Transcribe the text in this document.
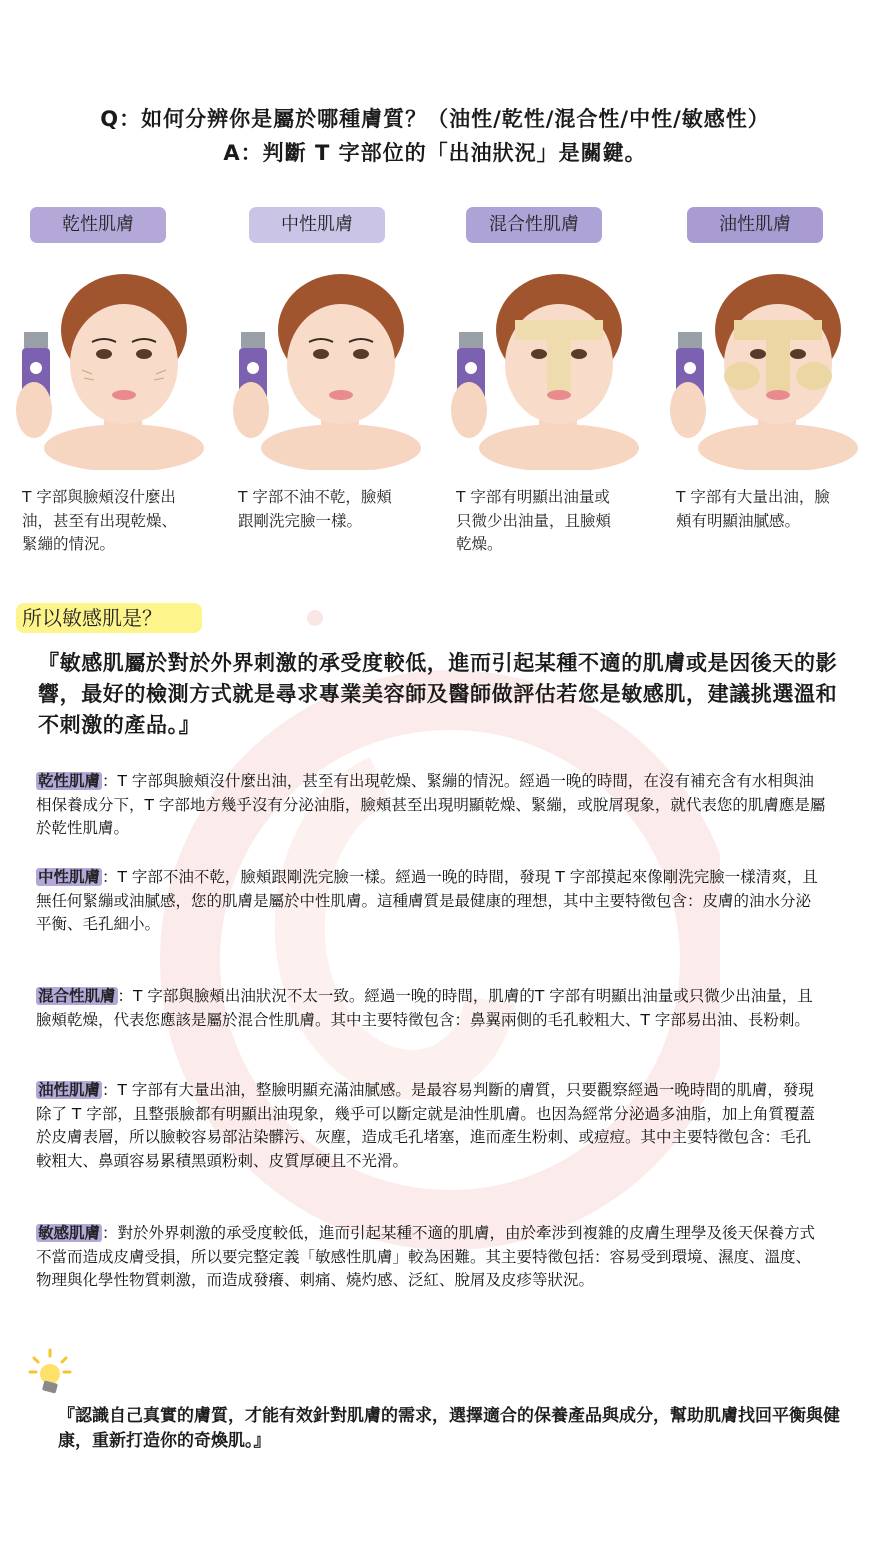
Q：如何分辨你是屬於哪種膚質？（油性/乾性/混合性/中性/敏感性）
A：判斷 T 字部位的「出油狀況」是關鍵。
乾性肌膚	中性肌膚	混合性肌膚	油性肌膚
T 字部與臉頰沒什麼出油，甚至有出現乾燥、緊繃的情況。
T 字部不油不乾，臉頰跟剛洗完臉一樣。
T 字部有明顯出油量或只微少出油量，且臉頰乾燥。
T 字部有大量出油，臉頰有明顯油膩感。
所以敏感肌是？
『敏感肌屬於對於外界刺激的承受度較低，進而引起某種不適的肌膚或是因後天的影響，最好的檢測方式就是尋求專業美容師及醫師做評估若您是敏感肌，建議挑選溫和不刺激的產品。』
乾性肌膚 ：T 字部與臉頰沒什麼出油，甚至有出現乾燥、緊繃的情況。經過一晚的時間，在沒有補充含有水相與油相保養成分下，T 字部地方幾乎沒有分泌油脂，臉頰甚至出現明顯乾燥、緊繃，或脫屑現象，就代表您的肌膚應是屬於乾性肌膚。
中性肌膚 ：T 字部不油不乾，臉頰跟剛洗完臉一樣。經過一晚的時間，發現 T 字部摸起來像剛洗完臉一樣清爽，且無任何緊繃或油膩感，您的肌膚是屬於中性肌膚。這種膚質是最健康的理想，其中主要特徵包含：皮膚的油水分泌平衡、毛孔細小。
混合性肌膚 ：T 字部與臉頰出油狀況不太一致。經過一晚的時間，肌膚的T 字部有明顯出油量或只微少出油量，且臉頰乾燥，代表您應該是屬於混合性肌膚。其中主要特徵包含：鼻翼兩側的毛孔較粗大、T 字部易出油、長粉刺。
油性肌膚 ：T 字部有大量出油，整臉明顯充滿油膩感。是最容易判斷的膚質，只要觀察經過一晚時間的肌膚，發現除了 T 字部，且整張臉都有明顯出油現象，幾乎可以斷定就是油性肌膚。也因為經常分泌過多油脂，加上角質覆蓋於皮膚表層，所以臉較容易部沾染髒污、灰塵，造成毛孔堵塞，進而產生粉刺、或痘痘。其中主要特徵包含：毛孔較粗大、鼻頭容易累積黑頭粉刺、皮質厚硬且不光滑。
敏感肌膚 ：對於外界刺激的承受度較低，進而引起某種不適的肌膚，由於牽涉到複雜的皮膚生理學及後天保養方式不當而造成皮膚受損，所以要完整定義「敏感性肌膚」較為困難。其主要特徵包括：容易受到環境、濕度、溫度、物理與化學性物質刺激，而造成發癢、刺痛、燒灼感、泛紅、脫屑及皮疹等狀況。
『認識自己真實的膚質，才能有效針對肌膚的需求，選擇適合的保養產品與成分，幫助肌膚找回平衡與健康，重新打造你的奇煥肌。』
